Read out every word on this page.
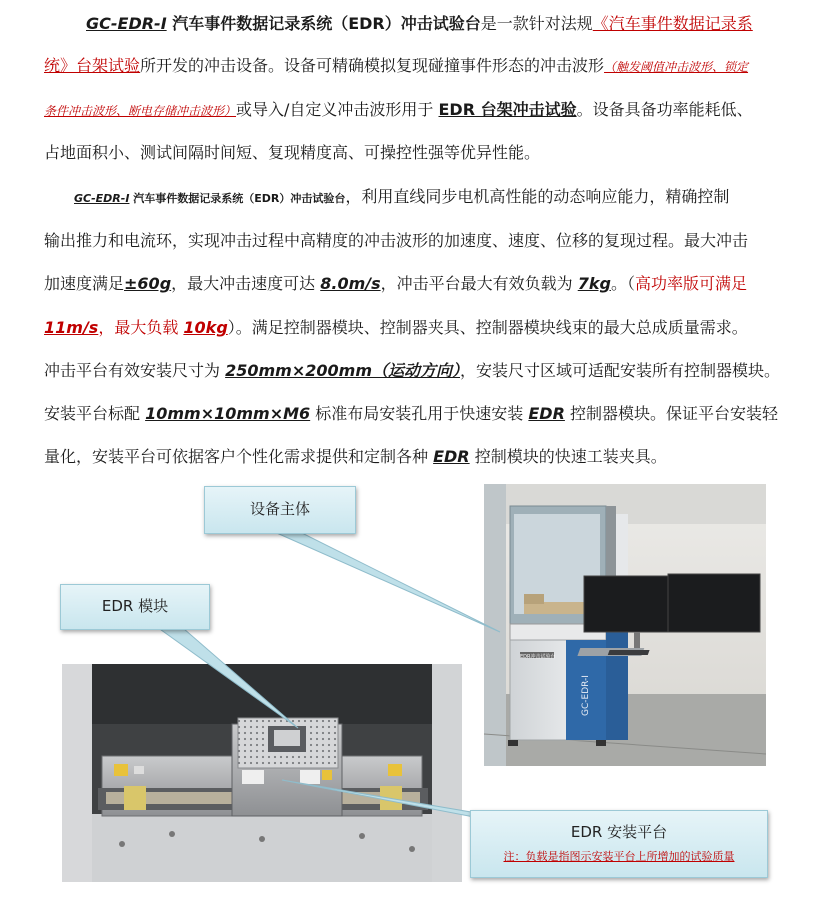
GC-EDR-Ⅰ 汽车事件数据记录系统（EDR）冲击试验台是一款针对法规《汽车事件数据记录系
统》台架试验所开发的冲击设备。设备可精确模拟复现碰撞事件形态的冲击波形（触发阈值冲击波形、锁定
条件冲击波形、断电存储冲击波形）或导入/自定义冲击波形用于 EDR 台架冲击试验。设备具备功率能耗低、
占地面积小、测试间隔时间短、复现精度高、可操控性强等优异性能。
GC-EDR-Ⅰ 汽车事件数据记录系统（EDR）冲击试验台，利用直线同步电机高性能的动态响应能力，精确控制
输出推力和电流环，实现冲击过程中高精度的冲击波形的加速度、速度、位移的复现过程。最大冲击
加速度满足±60g，最大冲击速度可达 8.0m/s，冲击平台最大有效负载为 7kg。（高功率版可满足
11m/s，最大负载 10kg）。满足控制器模块、控制器夹具、控制器模块线束的最大总成质量需求。
冲击平台有效安装尺寸为 250mm×200mm（运动方向），安装尺寸区域可适配安装所有控制器模块。
安装平台标配 10mm×10mm×M6 标准布局安装孔用于快速安装 EDR 控制器模块。保证平台安装轻
量化，安装平台可依据客户个性化需求提供和定制各种 EDR 控制模块的快速工装夹具。
EDR冲击试验台
GC-EDR-Ⅰ
设备主体
EDR 模块
EDR 安装平台
注：负载是指图示安装平台上所增加的试验质量
